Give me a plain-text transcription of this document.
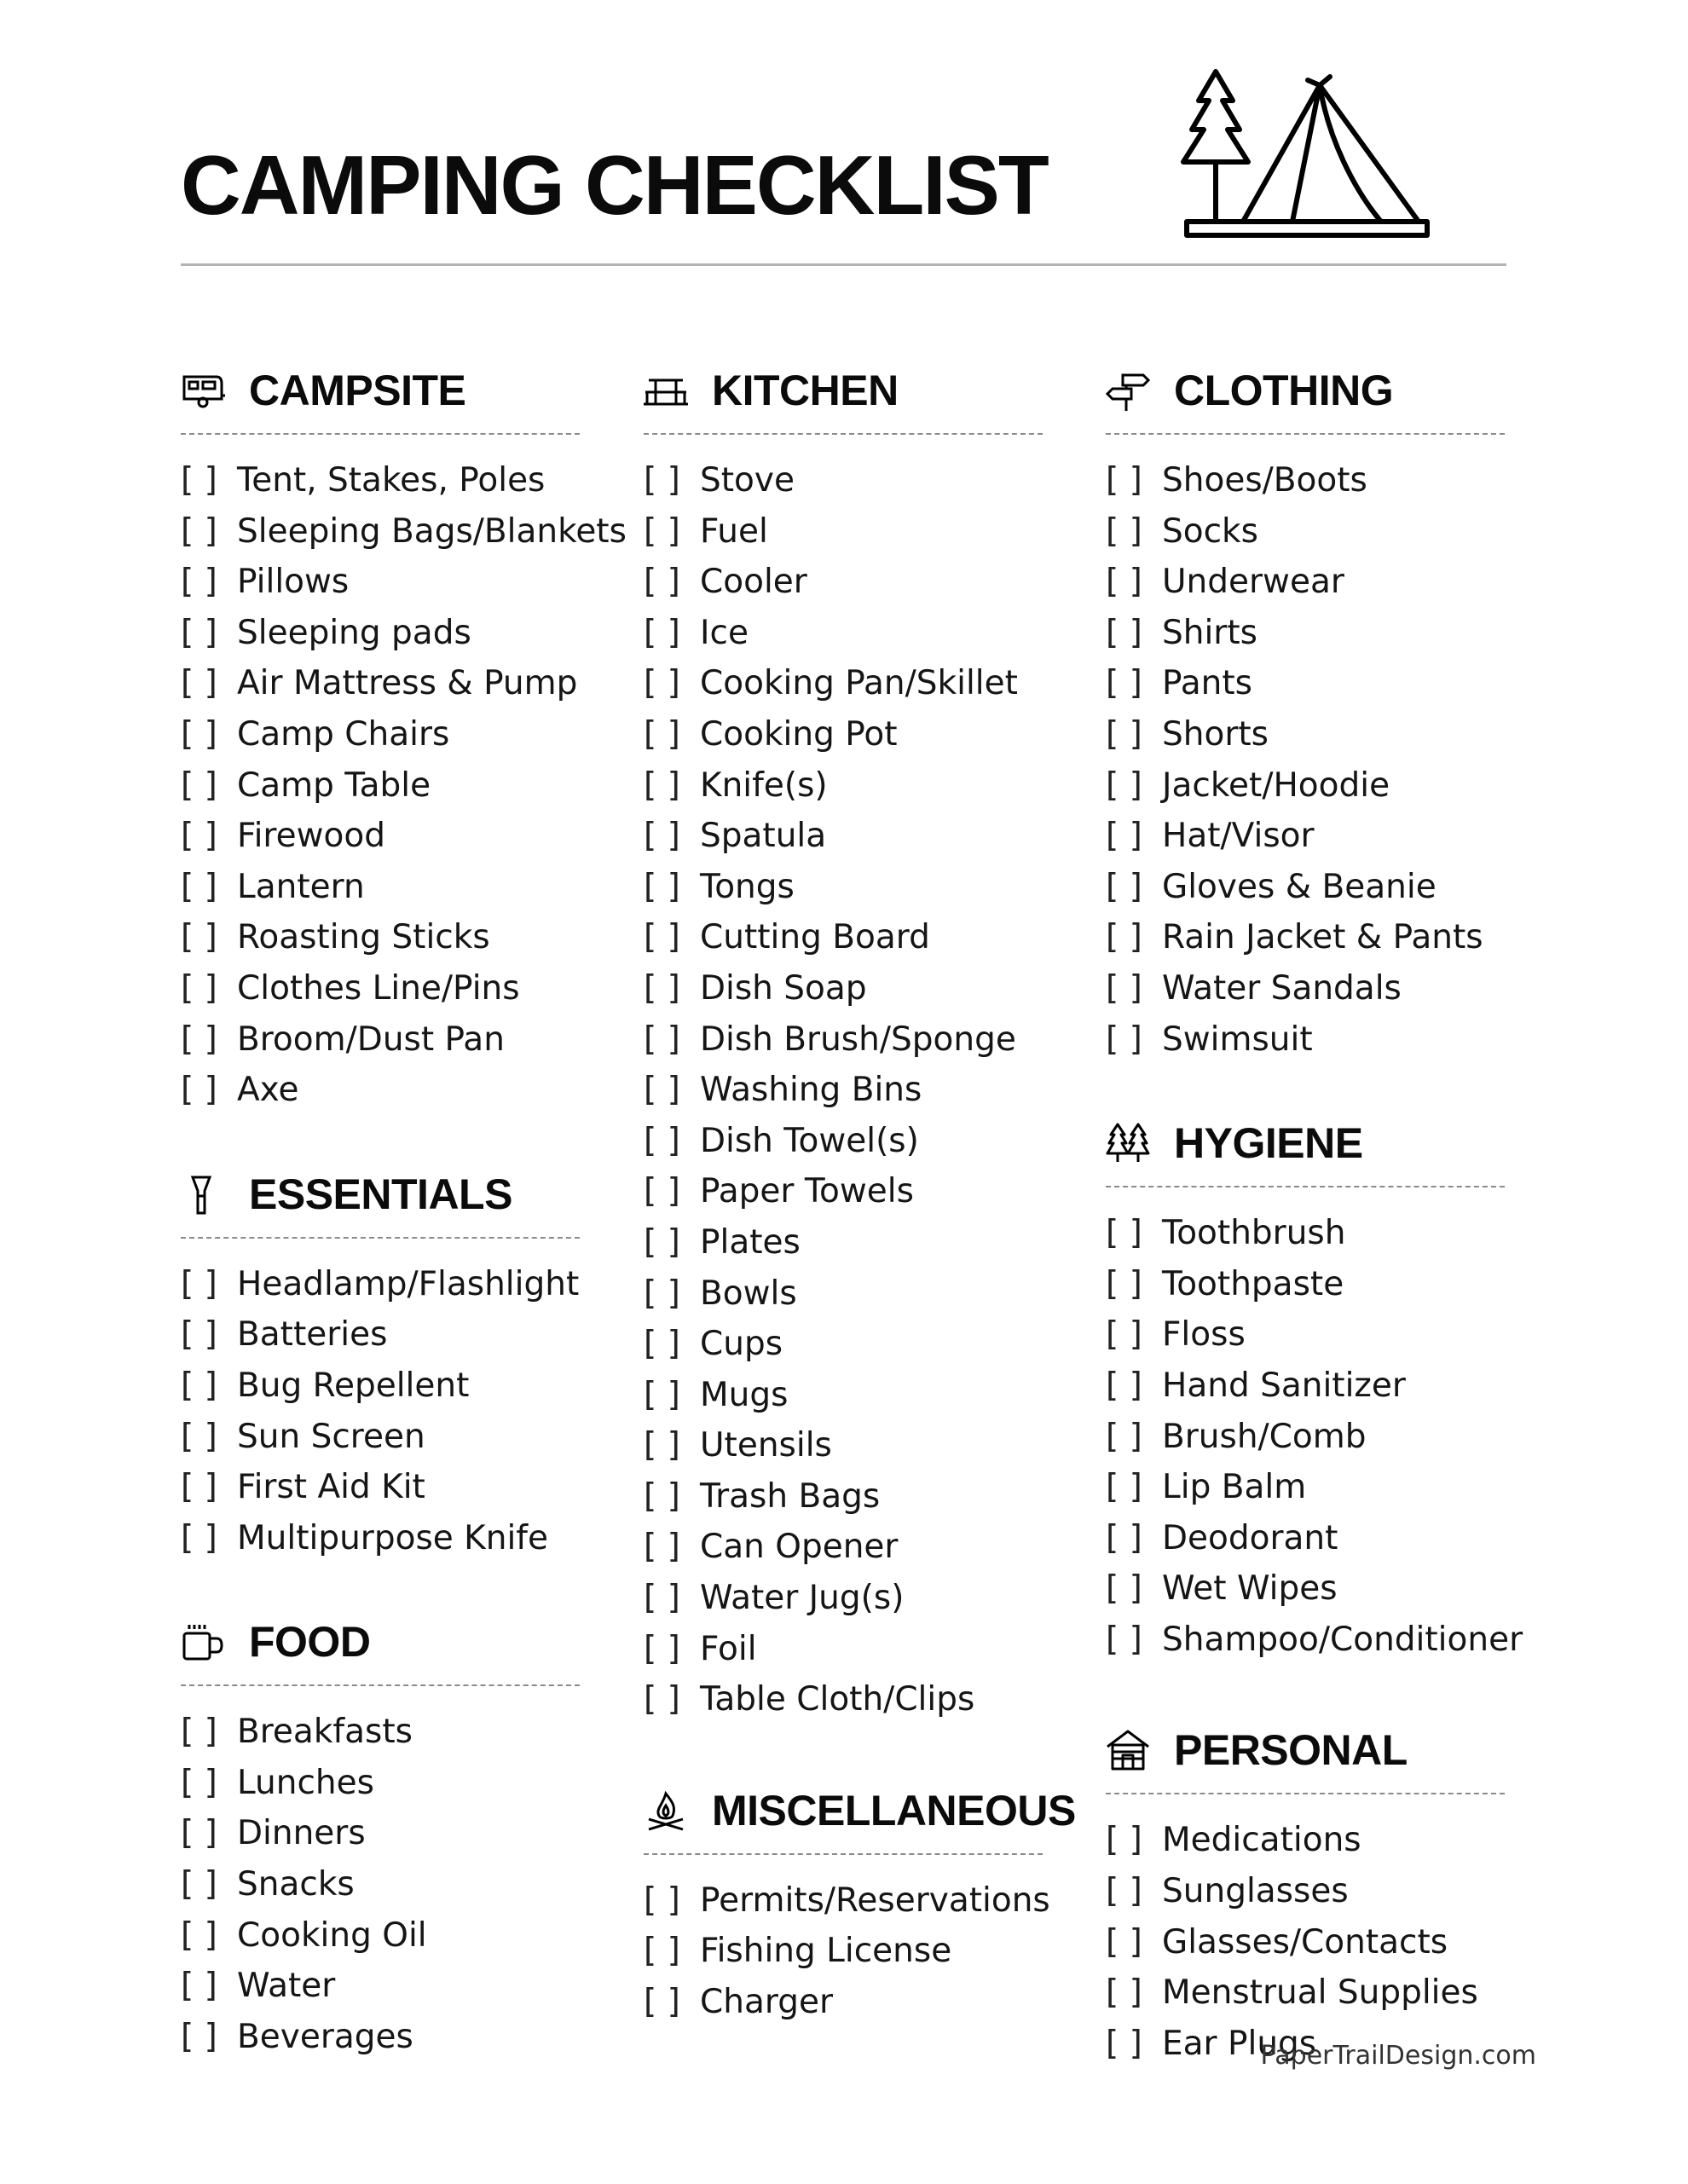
CAMPING CHECKLIST
CAMPSITE
[ ] Tent, Stakes, Poles
[ ] Sleeping Bags/Blankets
[ ] Pillows
[ ] Sleeping pads
[ ] Air Mattress & Pump
[ ] Camp Chairs
[ ] Camp Table
[ ] Firewood
[ ] Lantern
[ ] Roasting Sticks
[ ] Clothes Line/Pins
[ ] Broom/Dust Pan
[ ] Axe
ESSENTIALS
[ ] Headlamp/Flashlight
[ ] Batteries
[ ] Bug Repellent
[ ] Sun Screen
[ ] First Aid Kit
[ ] Multipurpose Knife
FOOD
[ ] Breakfasts
[ ] Lunches
[ ] Dinners
[ ] Snacks
[ ] Cooking Oil
[ ] Water
[ ] Beverages
KITCHEN
[ ] Stove
[ ] Fuel
[ ] Cooler
[ ] Ice
[ ] Cooking Pan/Skillet
[ ] Cooking Pot
[ ] Knife(s)
[ ] Spatula
[ ] Tongs
[ ] Cutting Board
[ ] Dish Soap
[ ] Dish Brush/Sponge
[ ] Washing Bins
[ ] Dish Towel(s)
[ ] Paper Towels
[ ] Plates
[ ] Bowls
[ ] Cups
[ ] Mugs
[ ] Utensils
[ ] Trash Bags
[ ] Can Opener
[ ] Water Jug(s)
[ ] Foil
[ ] Table Cloth/Clips
MISCELLANEOUS
[ ] Permits/Reservations
[ ] Fishing License
[ ] Charger
CLOTHING
[ ] Shoes/Boots
[ ] Socks
[ ] Underwear
[ ] Shirts
[ ] Pants
[ ] Shorts
[ ] Jacket/Hoodie
[ ] Hat/Visor
[ ] Gloves & Beanie
[ ] Rain Jacket & Pants
[ ] Water Sandals
[ ] Swimsuit
HYGIENE
[ ] Toothbrush
[ ] Toothpaste
[ ] Floss
[ ] Hand Sanitizer
[ ] Brush/Comb
[ ] Lip Balm
[ ] Deodorant
[ ] Wet Wipes
[ ] Shampoo/Conditioner
PERSONAL
[ ] Medications
[ ] Sunglasses
[ ] Glasses/Contacts
[ ] Menstrual Supplies
[ ] Ear Plugs
PaperTrailDesign.com
